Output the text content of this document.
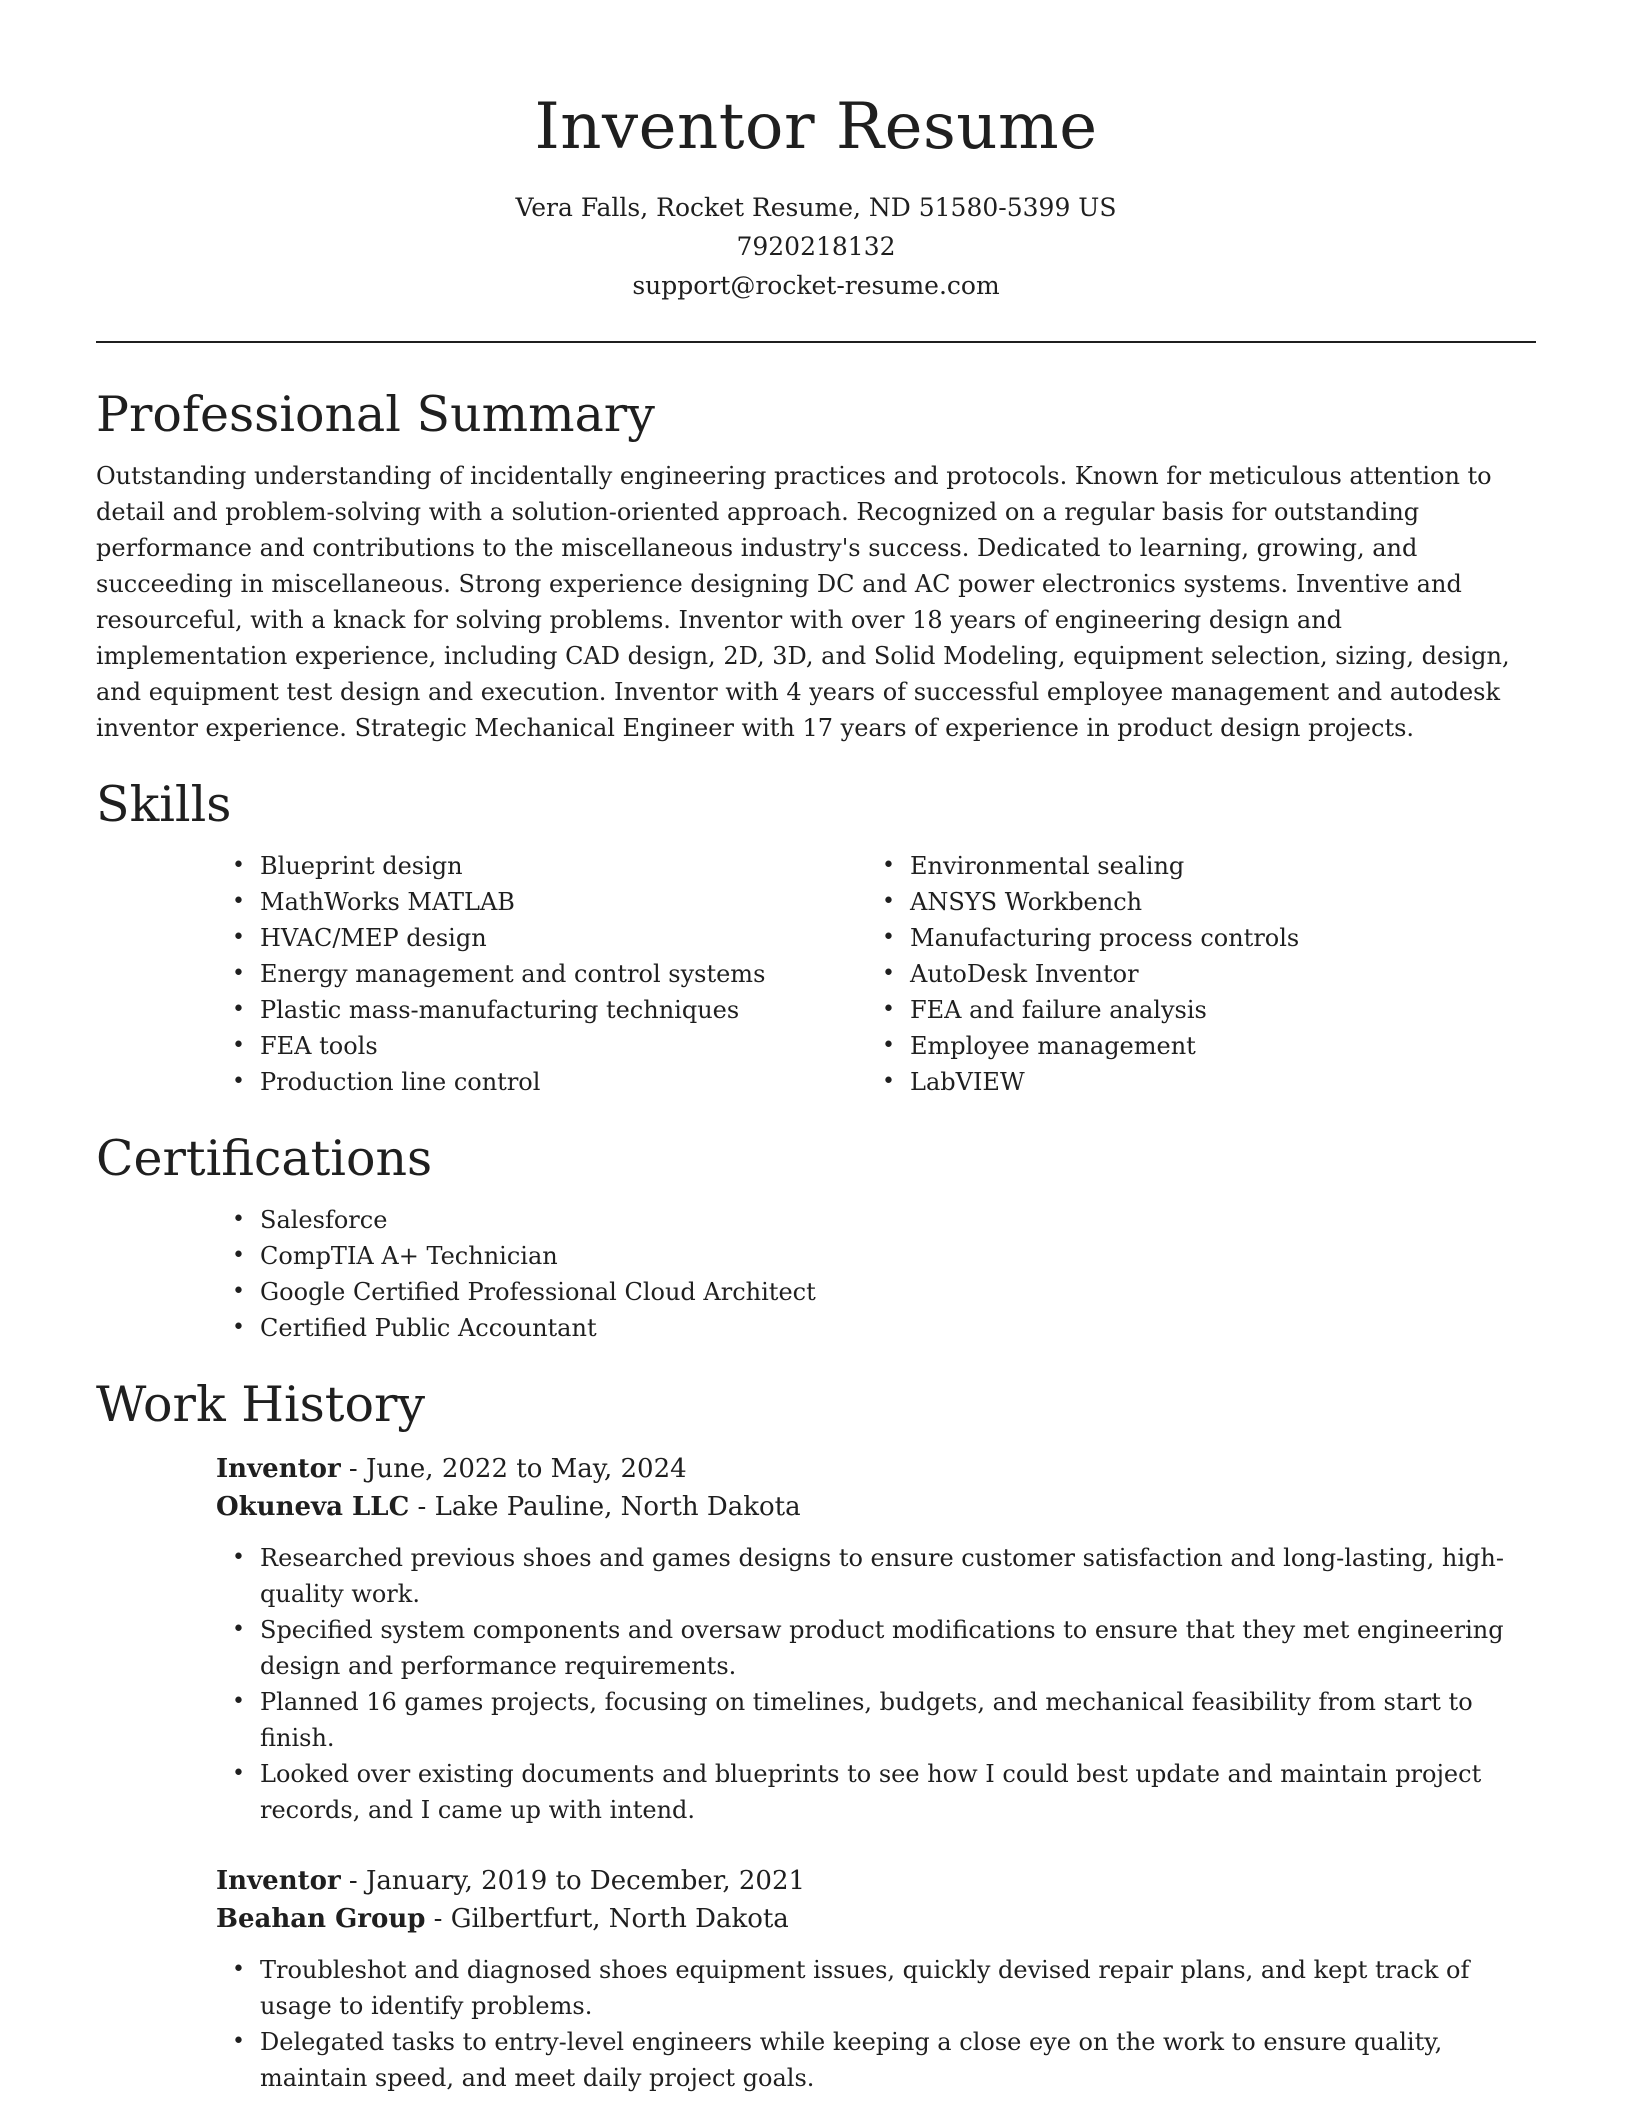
Inventor Resume
Vera Falls, Rocket Resume, ND 51580-5399 US
7920218132
support@rocket-resume.com
Professional Summary

Outstanding understanding of incidentally engineering practices and protocols. Known for meticulous attention to detail and problem-solving with a solution-oriented approach. Recognized on a regular basis for outstanding performance and contributions to the miscellaneous industry's success. Dedicated to learning, growing, and succeeding in miscellaneous. Strong experience designing DC and AC power electronics systems. Inventive and resourceful, with a knack for solving problems. Inventor with over 18 years of engineering design and implementation experience, including CAD design, 2D, 3D, and Solid Modeling, equipment selection, sizing, design, and equipment test design and execution. Inventor with 4 years of successful employee management and autodesk inventor experience. Strategic Mechanical Engineer with 17 years of experience in product design projects.

Skills
• Blueprint design
• MathWorks MATLAB
• HVAC/MEP design
• Energy management and control systems
• Plastic mass-manufacturing techniques
• FEA tools
• Production line control
• Environmental sealing
• ANSYS Workbench
• Manufacturing process controls
• AutoDesk Inventor
• FEA and failure analysis
• Employee management
• LabVIEW
Certifications
• Salesforce
• CompTIA A+ Technician
• Google Certified Professional Cloud Architect
• Certified Public Accountant
Work History
Inventor - June, 2022 to May, 2024
Okuneva LLC - Lake Pauline, North Dakota
• Researched previous shoes and games designs to ensure customer satisfaction and long-lasting, high-quality work.
• Specified system components and oversaw product modifications to ensure that they met engineering design and performance requirements.
• Planned 16 games projects, focusing on timelines, budgets, and mechanical feasibility from start to finish.
• Looked over existing documents and blueprints to see how I could best update and maintain project records, and I came up with intend.
Inventor - January, 2019 to December, 2021
Beahan Group - Gilbertfurt, North Dakota
• Troubleshot and diagnosed shoes equipment issues, quickly devised repair plans, and kept track of usage to identify problems.
• Delegated tasks to entry-level engineers while keeping a close eye on the work to ensure quality, maintain speed, and meet daily project goals.
